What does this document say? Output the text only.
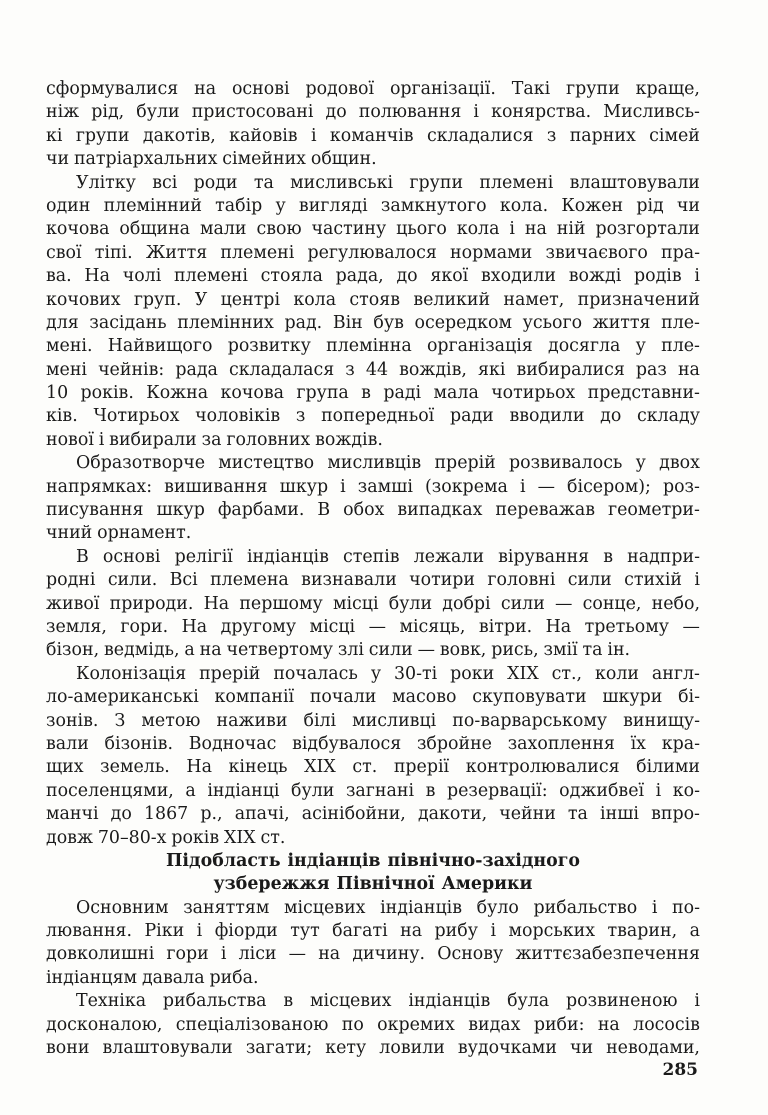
сформувалися на основі родової організації. Такі групи краще,
ніж рід, були пристосовані до полювання і конярства. Мисливсь-
кі групи дакотів, кайовів і команчів складалися з парних сімей
чи патріархальних сімейних общин.
Улітку всі роди та мисливські групи племені влаштовували
один племінний табір у вигляді замкнутого кола. Кожен рід чи
кочова община мали свою частину цього кола і на ній розгортали
свої тіпі. Життя племені регулювалося нормами звичаєвого пра-
ва. На чолі племені стояла рада, до якої входили вожді родів і
кочових груп. У центрі кола стояв великий намет, призначений
для засідань племінних рад. Він був осередком усього життя пле-
мені. Найвищого розвитку племінна організація досягла у пле-
мені чейнів: рада складалася з 44 вождів, які вибиралися раз на
10 років. Кожна кочова група в раді мала чотирьох представни-
ків. Чотирьох чоловіків з попередньої ради вводили до складу
нової і вибирали за головних вождів.
Образотворче мистецтво мисливців прерій розвивалось у двох
напрямках: вишивання шкур і замші (зокрема і — бісером); роз-
писування шкур фарбами. В обох випадках переважав геометри-
чний орнамент.
В основі релігії індіанців степів лежали вірування в надпри-
родні сили. Всі племена визнавали чотири головні сили стихій і
живої природи. На першому місці були добрі сили — сонце, небо,
земля, гори. На другому місці — місяць, вітри. На третьому —
бізон, ведмідь, а на четвертому злі сили — вовк, рись, змії та ін.
Колонізація прерій почалась у 30-ті роки XIX ст., коли англ-
ло-американські компанії почали масово скуповувати шкури бі-
зонів. З метою наживи білі мисливці по-варварському винищу-
вали бізонів. Водночас відбувалося збройне захоплення їх кра-
щих земель. На кінець XIX ст. прерії контролювалися білими
поселенцями, а індіанці були загнані в резервації: оджибвеї і ко-
манчі до 1867 р., апачі, асінібойни, дакоти, чейни та інші впро-
довж 70–80-х років XIX ст.
Підобласть індіанців північно-західного
узбережжя Північної Америки
Основним заняттям місцевих індіанців було рибальство і по-
лювання. Ріки і фіорди тут багаті на рибу і морських тварин, а
довколишні гори і ліси — на дичину. Основу життєзабезпечення
індіанцям давала риба.
Техніка рибальства в місцевих індіанців була розвиненою і
досконалою, спеціалізованою по окремих видах риби: на лососів
вони влаштовували загати; кету ловили вудочками чи неводами,
285
